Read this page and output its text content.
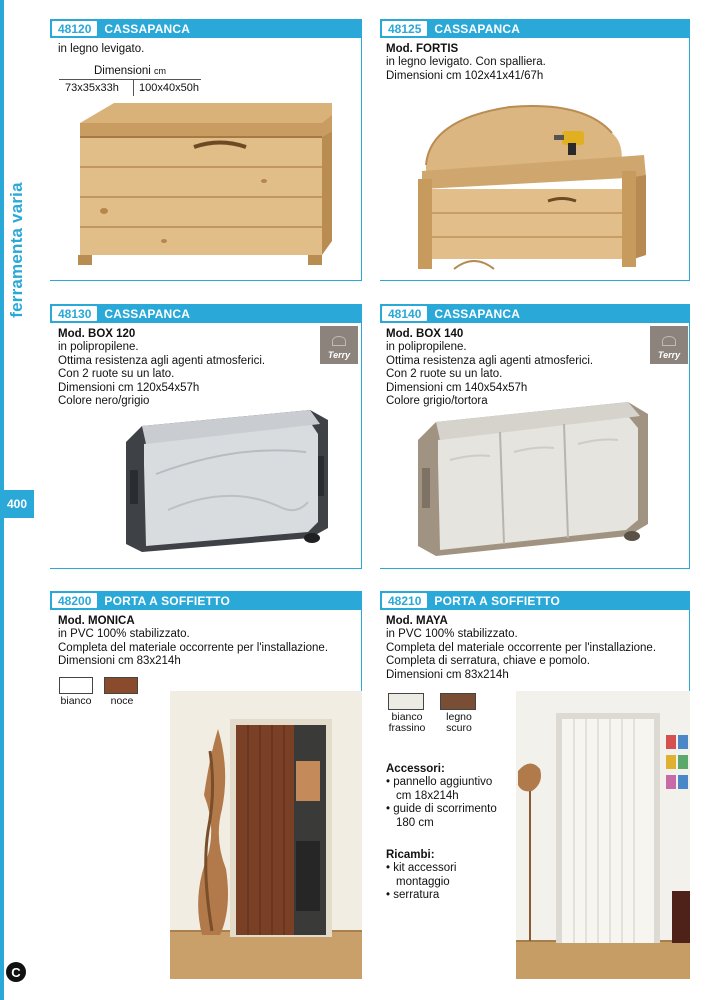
ferramenta varia
400
C
48120	CASSAPANCA
in legno levigato.
Dimensioni cm
73x35x33h 100x40x50h
48125	CASSAPANCA
Mod. FORTIS
in legno levigato. Con spalliera.
Dimensioni cm 102x41x41/67h
48130	CASSAPANCA
Mod. BOX 120
in polipropilene.
Ottima resistenza agli agenti atmosferici.
Con 2 ruote su un lato.
Dimensioni cm 120x54x57h
Colore nero/grigio
Terry
48140	CASSAPANCA
Mod. BOX 140
in polipropilene.
Ottima resistenza agli agenti atmosferici.
Con 2 ruote su un lato.
Dimensioni cm 140x54x57h
Colore grigio/tortora
Terry
48200	PORTA A SOFFIETTO
Mod. MONICA
in PVC 100% stabilizzato.
Completa del materiale occorrente per l'installazione.
Dimensioni cm 83x214h
bianco	noce
48210	PORTA A SOFFIETTO
Mod. MAYA
in PVC 100% stabilizzato.
Completa del materiale occorrente per l'installazione.
Completa di serratura, chiave e pomolo.
Dimensioni cm 83x214h
bianco
frassino
legno
scuro
Accessori:
• pannello aggiuntivo
cm 18x214h
• guide di scorrimento
180 cm
Ricambi:
• kit accessori
montaggio
• serratura
